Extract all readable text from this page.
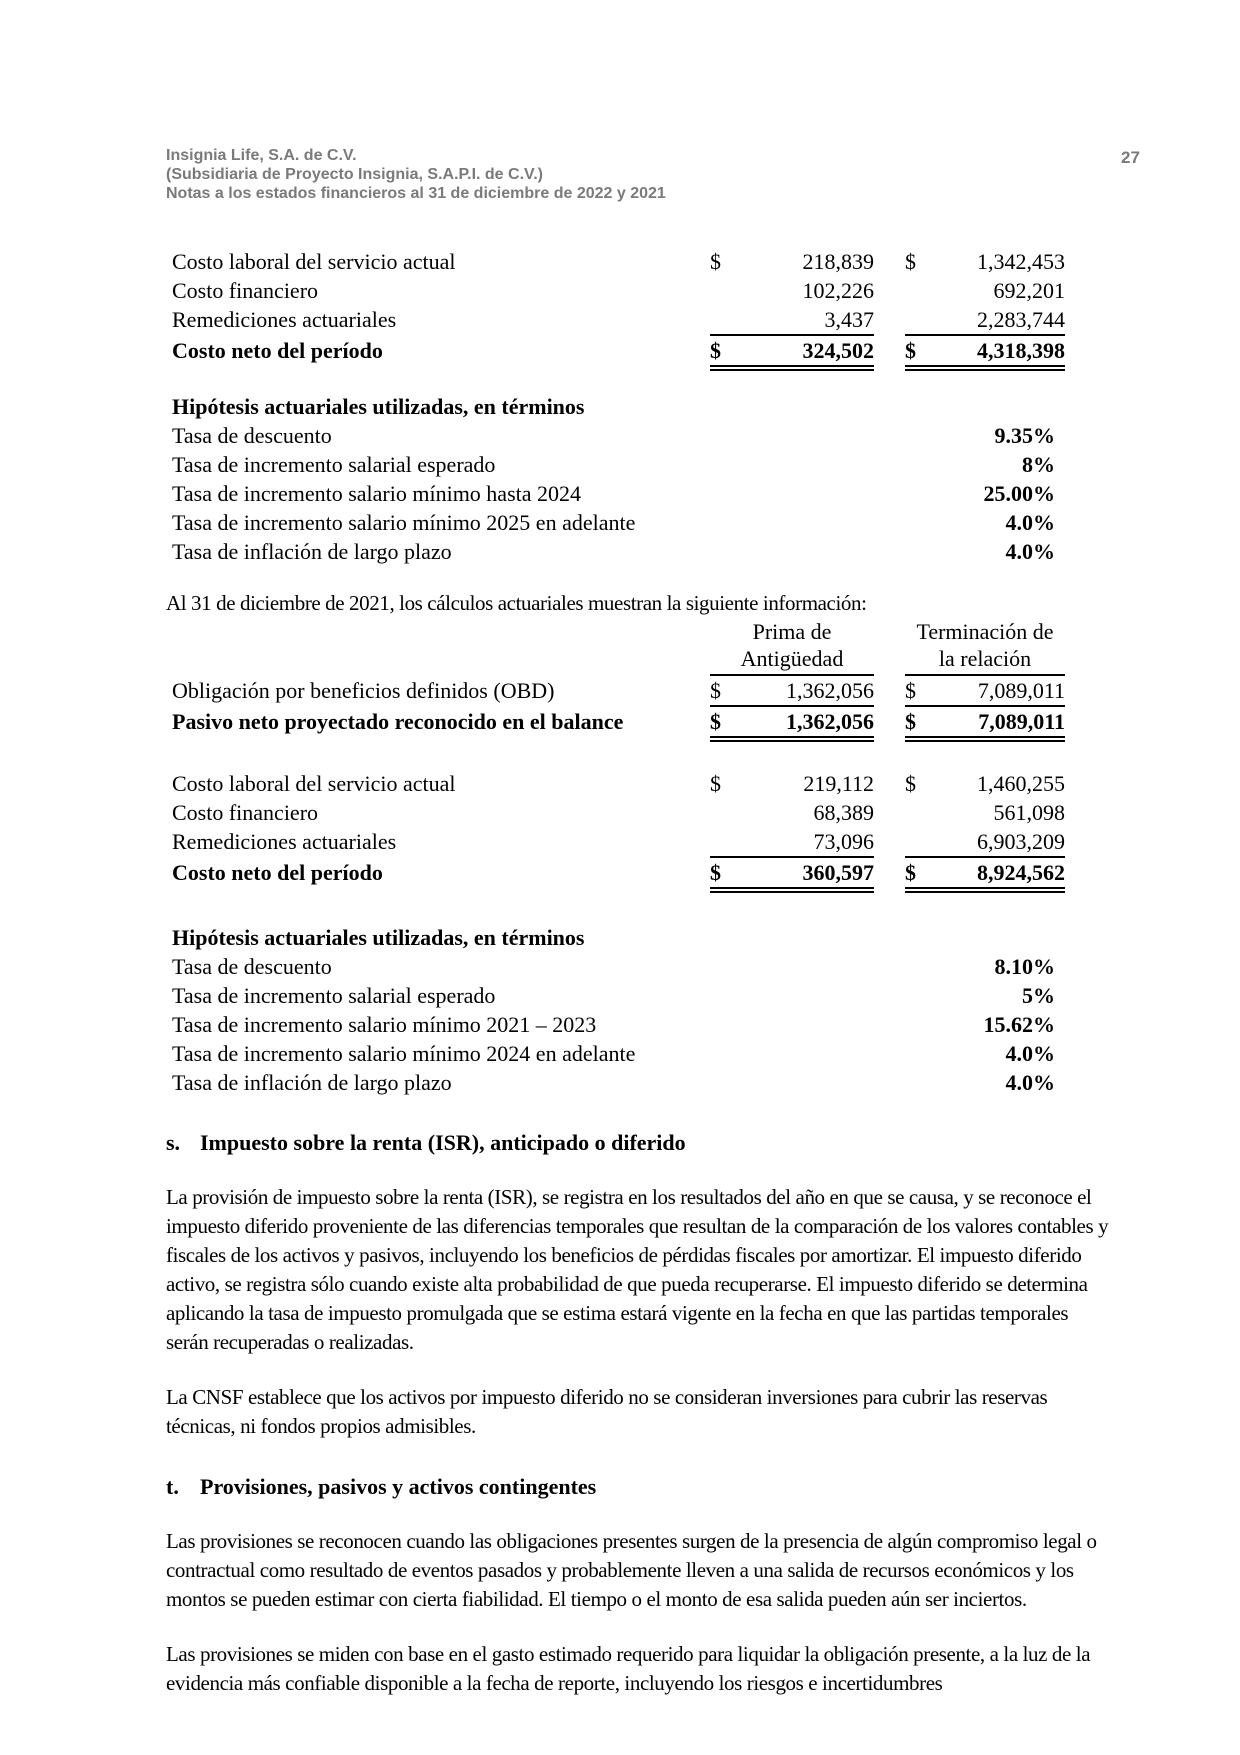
27
Insignia Life, S.A. de C.V.
(Subsidiaria de Proyecto Insignia, S.A.P.I. de C.V.)
Notas a los estados financieros al 31 de diciembre de 2022 y 2021
Costo laboral del servicio actual	$	218,839 $	1,342,453
Costo financiero	102,226	692,201
Remediciones actuariales	3,437	2,283,744
Costo neto del período	$	324,502 $	4,318,398
Hipótesis actuariales utilizadas, en términos
Tasa de descuento	9.35%
Tasa de incremento salarial esperado	8%
Tasa de incremento salario mínimo hasta 2024	25.00%
Tasa de incremento salario mínimo 2025 en adelante	4.0%
Tasa de inflación de largo plazo	4.0%
Al 31 de diciembre de 2021, los cálculos actuariales muestran la siguiente información:
Prima de
Antigüedad
Terminación de
la relación
Obligación por beneficios definidos (OBD)	$	1,362,056 $	7,089,011
Pasivo neto proyectado reconocido en el balance	$	1,362,056 $	7,089,011
Costo laboral del servicio actual	$	219,112 $	1,460,255
Costo financiero	68,389	561,098
Remediciones actuariales	73,096	6,903,209
Costo neto del período	$	360,597 $	8,924,562
Hipótesis actuariales utilizadas, en términos
Tasa de descuento	8.10%
Tasa de incremento salarial esperado	5%
Tasa de incremento salario mínimo 2021 – 2023	15.62%
Tasa de incremento salario mínimo 2024 en adelante	4.0%
Tasa de inflación de largo plazo	4.0%
s. Impuesto sobre la renta (ISR), anticipado o diferido
La provisión de impuesto sobre la renta (ISR), se registra en los resultados del año en que se causa, y se reconoce el impuesto diferido proveniente de las diferencias temporales que resultan de la comparación de los valores contables y fiscales de los activos y pasivos, incluyendo los beneficios de pérdidas fiscales por amortizar. El impuesto diferido activo, se registra sólo cuando existe alta probabilidad de que pueda recuperarse. El impuesto diferido se determina aplicando la tasa de impuesto promulgada que se estima estará vigente en la fecha en que las partidas temporales serán recuperadas o realizadas.
La CNSF establece que los activos por impuesto diferido no se consideran inversiones para cubrir las reservas técnicas, ni fondos propios admisibles.
t. Provisiones, pasivos y activos contingentes
Las provisiones se reconocen cuando las obligaciones presentes surgen de la presencia de algún compromiso legal o contractual como resultado de eventos pasados y probablemente lleven a una salida de recursos económicos y los montos se pueden estimar con cierta fiabilidad. El tiempo o el monto de esa salida pueden aún ser inciertos.
Las provisiones se miden con base en el gasto estimado requerido para liquidar la obligación presente, a la luz de la evidencia más confiable disponible a la fecha de reporte, incluyendo los riesgos e incertidumbres
